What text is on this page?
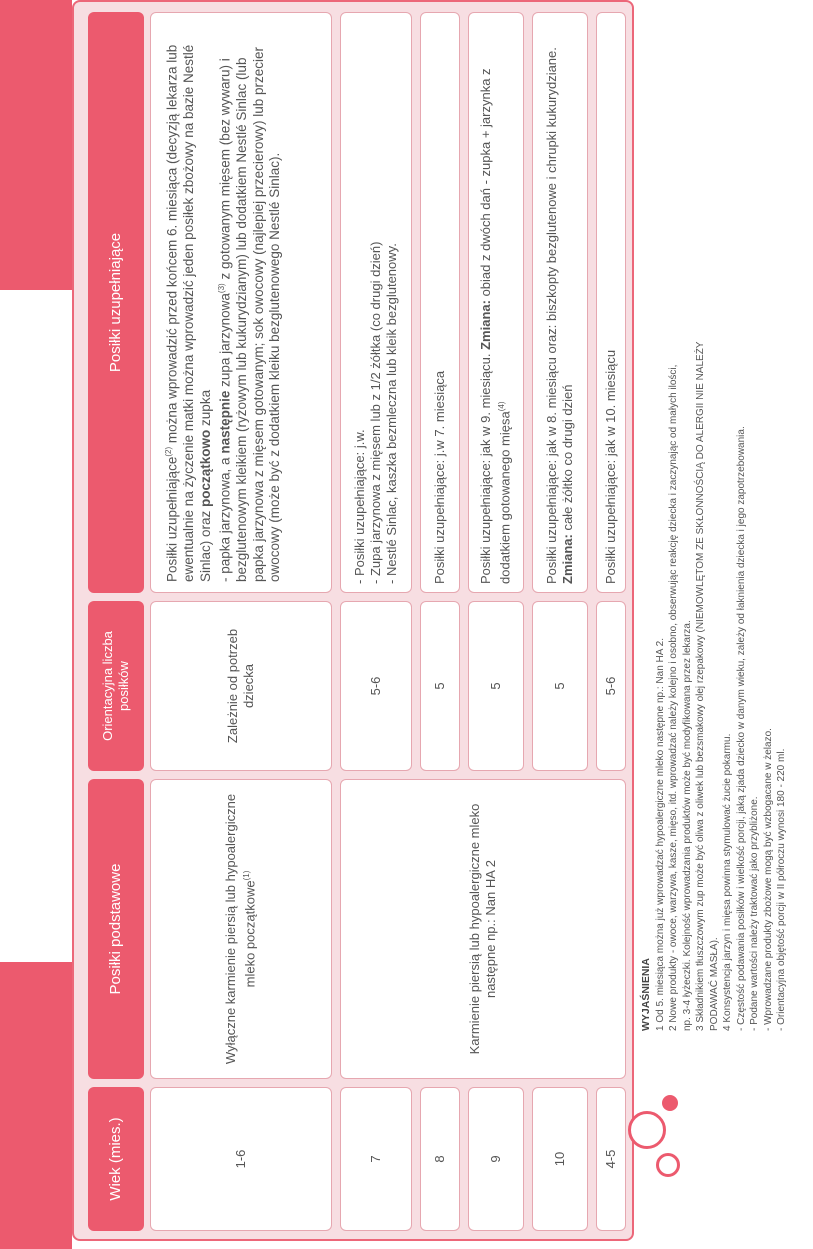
Wiek (mies.)
Posiłki podstawowe
Orientacyjna liczba posiłków
Posiłki uzupełniające
1-6

Wyłączne karmienie piersią lub hypoalergiczne mleko początkowe$^{(1)}$

Zależnie od potrzeb dziecka

Posiłki uzupełniające$^{(2)}$ można wprowadzić przed końcem 6. miesiąca (decyzją lekarza lub ewentualnie na życzenie matki można wprowadzić jeden posiłek zbożowy na bazie Nestlé Sinlac) oraz początkowo zupka
- papka jarzynowa, a następnie zupa jarzynowa$^{(3)}$ z gotowanym mięsem (bez wywaru) i bezglutenowym kleikiem (ryżowym lub kukurydzianym) lub dodatkiem Nestlé Sinlac (lub papka jarzynowa z mięsem gotowanym; sok owocowy (najlepiej przecierowy) lub przecier owocowy (może być z dodatkiem kleiku bezglutenowego Nestlé Sinlac).

7
Karmienie piersią lub hypoalergiczne mleko następne np.: Nan HA 2
5-6

- Posiłki uzupełniające: j.w.
- Zupa jarzynowa z mięsem lub z 1/2 żółtka (co drugi dzień)
- Nestlé Sinlac, kaszka bezmleczna lub kleik bezglutenowy.

8
5
Posiłki uzupełniające: j.w 7. miesiąca
9
5

Posiłki uzupełniające: jak w 9. miesiącu. Zmiana: obiad z dwóch dań - zupka + jarzynka z dodatkiem gotowanego mięsa$^{(4)}$

10
5

Posiłki uzupełniające: jak w 8. miesiącu oraz: biszkopty bezglutenowe i chrupki kukurydziane. Zmiana: całe żółtko co drugi dzień

4-5
5-6
Posiłki uzupełniające: jak w 10. miesiącu
WYJAŚNIENIA 1 Od 5. miesiąca można już wprowadzać hypoalergiczne mleko następne np.: Nan HA 2. 2 Nowe produkty - owoce, warzywa, kasze, mięso, itd. wprowadzać należy kolejno i osobno, obserwując reakcję dziecka i zaczynając od małych ilości, np. 3-4 łyżeczki. Kolejność wprowadzania produktów może być modyfikowana przez lekarza. 3 Składnikiem tłuszczowym zup może być oliwa z oliwek lub bezsmakowy olej rzepakowy (NIEMOWLĘTOM ZE SKŁONNOŚCIĄ DO ALERGII NIE NALEŻY PODAWAĆ MASŁA). 4 Konsystencja jarzyn i mięsa powinna stymulować żucie pokarmu. - Częstość podawania posiłków i wielkość porcji, jaką zjada dziecko w danym wieku, zależy od łaknienia dziecka i jego zapotrzebowania. - Podane wartości należy traktować jako przybliżone. - Wprowadzane produkty zbożowe mogą być wzbogacane w żelazo. - Orientacyjna objętość porcji w II półroczu wynosi 180 - 220 ml.
